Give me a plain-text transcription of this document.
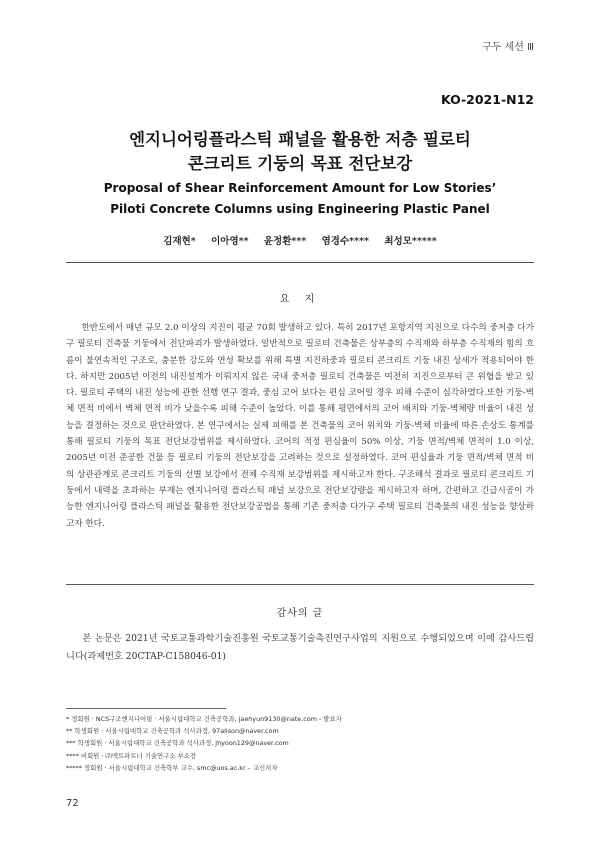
구두 세션 Ⅲ
KO-2021-N12
엔지니어링플라스틱 패널을 활용한 저층 필로티
콘크리트 기둥의 목표 전단보강
Proposal of Shear Reinforcement Amount for Low Stories’
Piloti Concrete Columns using Engineering Plastic Panel
김재현* 이아영** 윤정환*** 염경수**** 최성모*****
요 지

한반도에서 매년 규모 2.0 이상의 지진이 평균 70회 발생하고 있다. 특히 2017년 포항지역 지진으로 다수의 중저층 다가구 필로티 건축물 기둥에서 전단파괴가 발생하였다. 일반적으로 필로티 건축물은 상부층의 수직재와 하부층 수직재의 힘의 흐름이 불연속적인 구조로, 충분한 강도와 연성 확보를 위해 특별 지진하중과 필로티 콘크리트 기둥 내진 상세가 적용되어야 한다. 하지만 2005년 이전의 내진설계가 이뤄지지 않은 국내 중저층 필로티 건축물은 여전히 지진으로부터 큰 위협을 받고 있다. 필로티 주택의 내진 성능에 관한 선행 연구 결과, 중심 코어 보다는 편심 코어일 경우 피해 수준이 심각하였다.또한 기둥-벽체 면적 비에서 벽체 면적 비가 낮을수록 피해 수준이 높았다. 이를 통해 평면에서의 코어 배치와 기둥-벽체량 비율이 내진 성능을 결정하는 것으로 판단하였다. 본 연구에서는 실제 피해를 본 건축물의 코어 위치와 기둥-벽체 비율에 따른 손상도 통계를 통해 필로티 기둥의 목표 전단보강범위를 제시하였다. 코어의 적정 편심율이 50% 이상, 기둥 면적/벽체 면적이 1.0 이상, 2005년 이전 준공한 건물 등 필로티 기둥의 전단보강을 고려하는 것으로 설정하였다. 코어 편심율과 기둥 면적/벽체 면적 비의 상관관계로 콘크리트 기둥의 선별 보강에서 전체 수직재 보강범위를 제시하고자 한다. 구조해석 결과로 필로티 콘크리트 기둥에서 내력을 초과하는 부재는 엔지니어링 플라스틱 패널 보강으로 전단보강량을 제시하고자 하며, 간편하고 긴급시공이 가능한 엔지니어링 플라스틱 패널을 활용한 전단보강공법을 통해 기존 중저층 다가구 주택 필로티 건축물의 내진 성능을 향상하고자 한다.

감사의 글

본 논문은 2021년 국토교통과학기술진흥원 국토교통기술촉진연구사업의 지원으로 수행되었으며 이에 감사드립니다(과제번호 20CTAP-C158046-01)

* 정회원 · NCS구조엔지니어링 · 서울시립대학교 건축공학과, jaehyun9130@nate.com - 발표자
** 학생회원 · 서울시립대학교 건축공학과 석사과정, 97alison@naver.com
*** 학생회원 · 서울시립대학교 건축공학과 석사과정, jhyoon129@naver.com
**** 비회원 · ㈜엑트파트너 기술연구소 부소장
***** 정회원 · 서울시립대학교 건축학부 교수, smc@uos.ac.kr – 교신저자
72
